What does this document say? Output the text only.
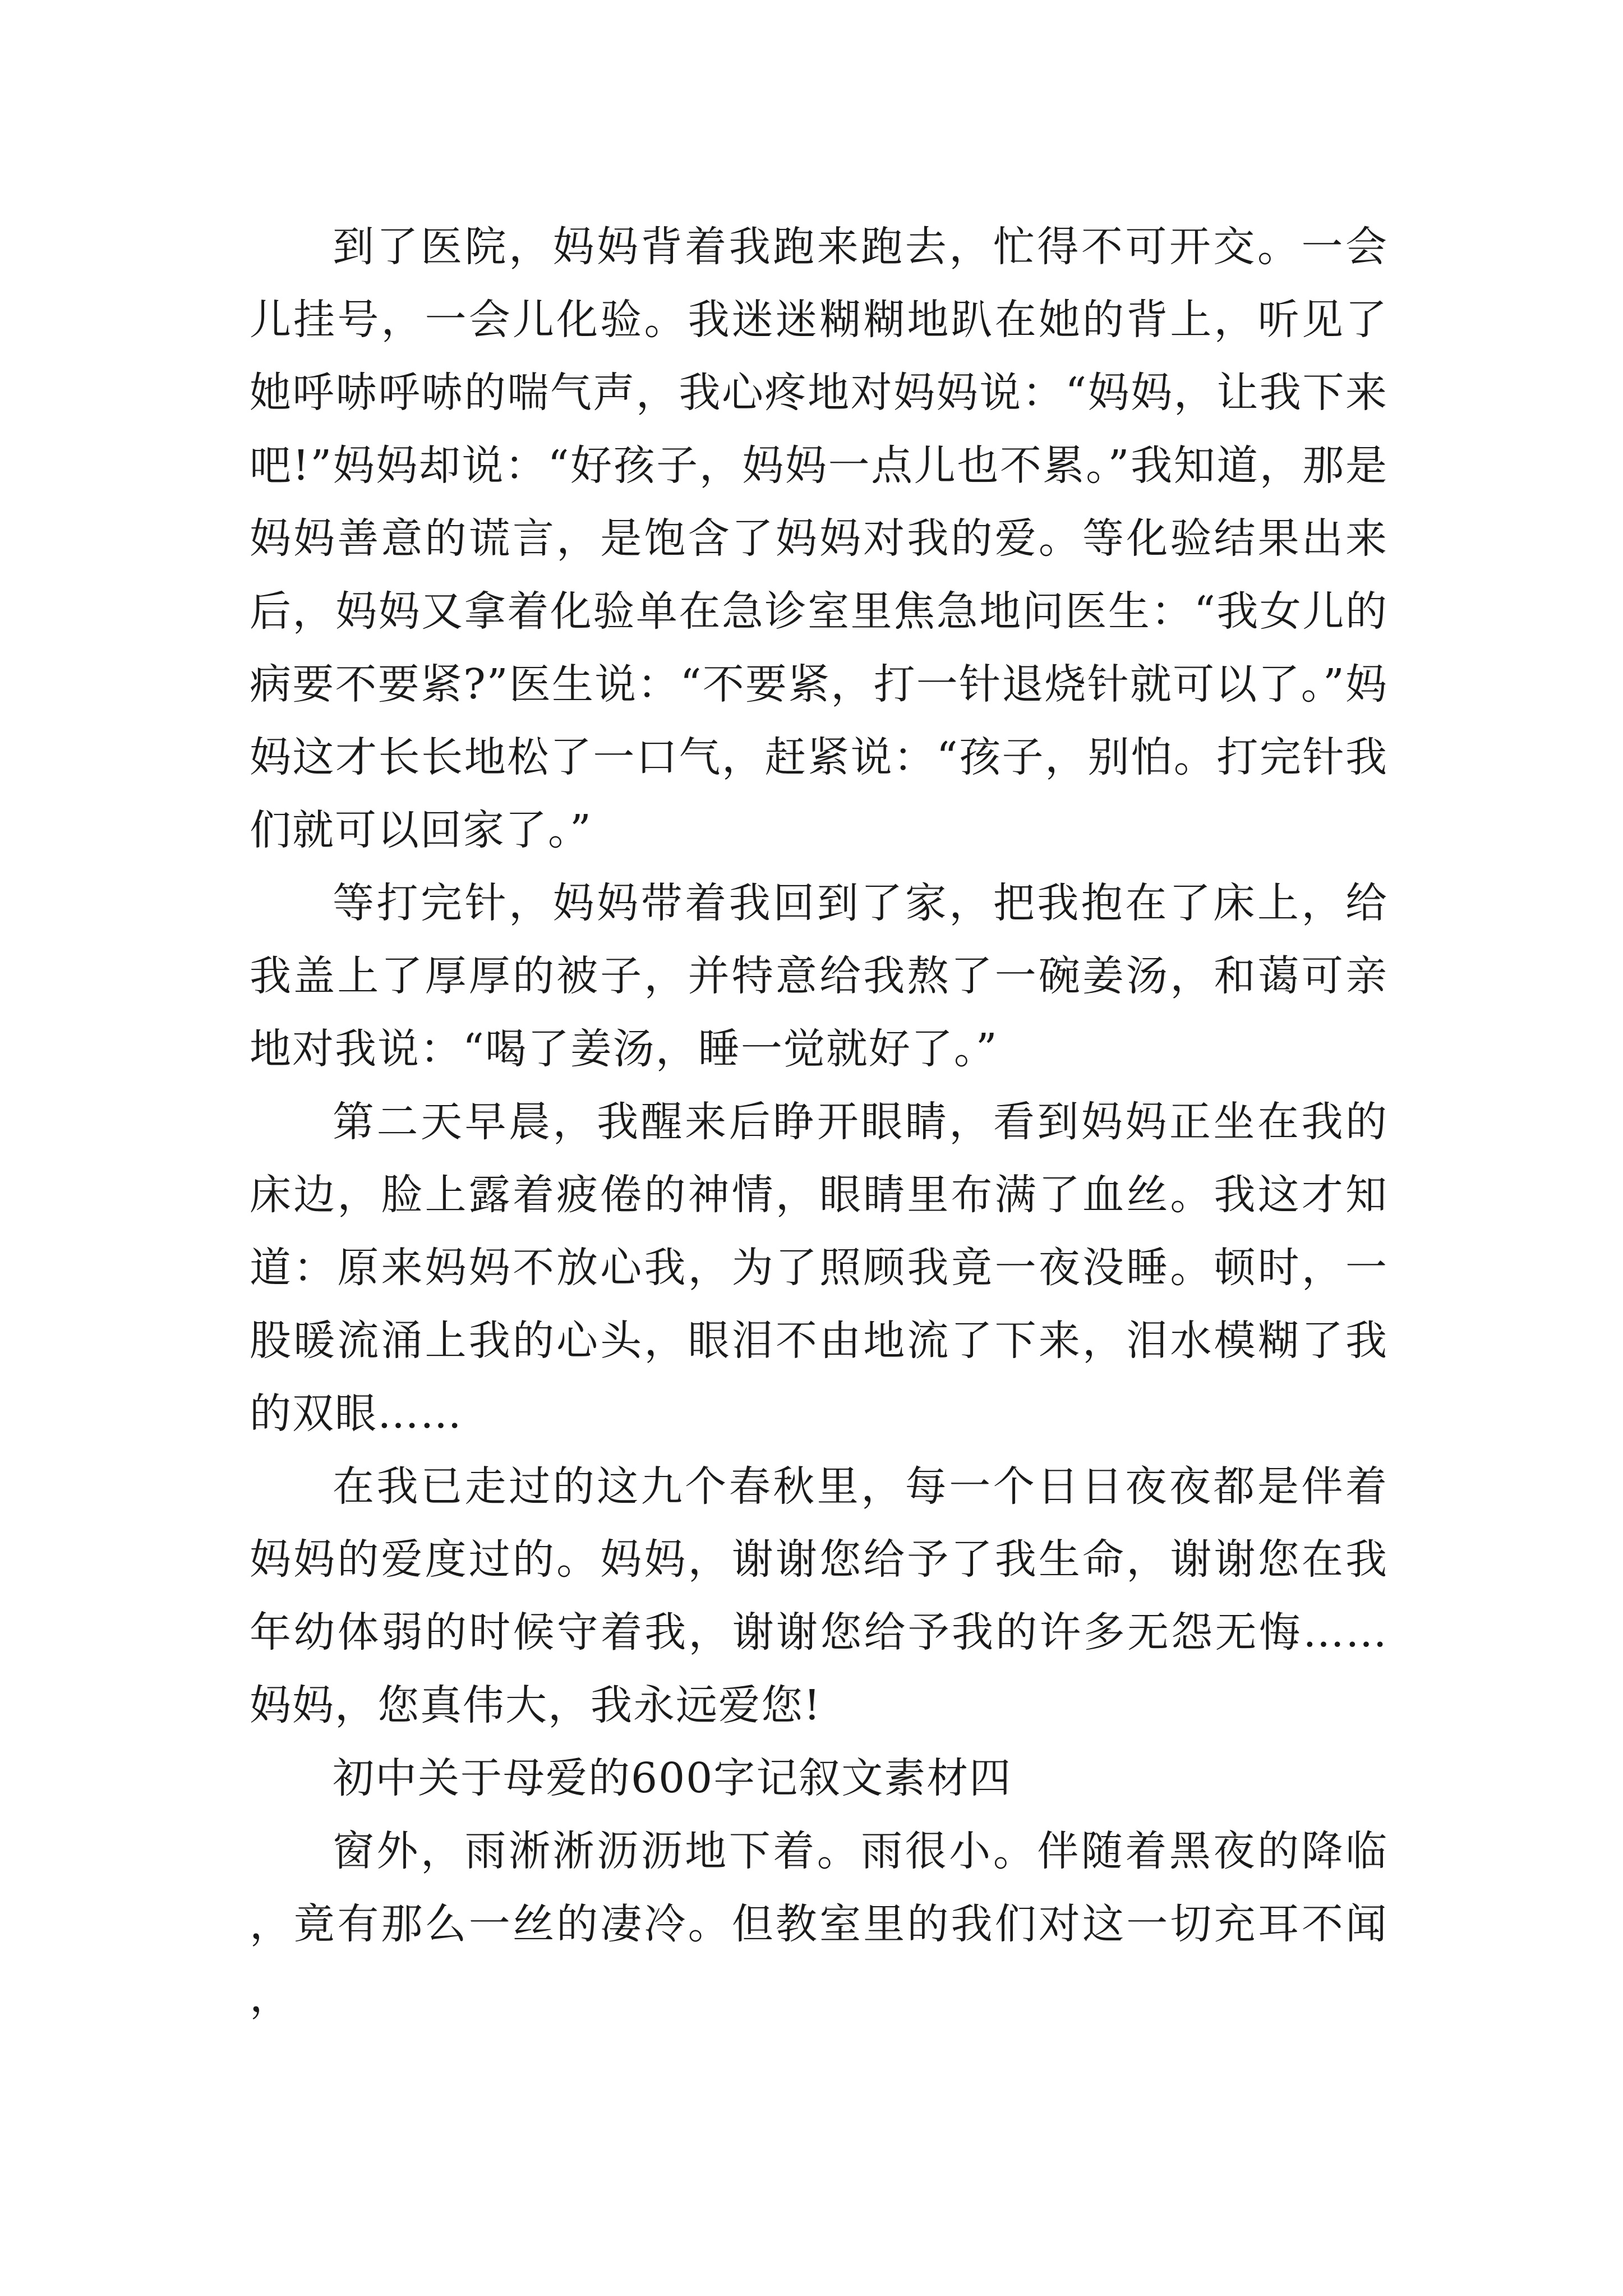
到了医院，妈妈背着我跑来跑去，忙得不可开交。一会儿挂号，一会儿化验。我迷迷糊糊地趴在她的背上，听见了她呼哧呼哧的喘气声，我心疼地对妈妈说：“妈妈，让我下来吧!”妈妈却说：“好孩子，妈妈一点儿也不累。”我知道，那是妈妈善意的谎言，是饱含了妈妈对我的爱。等化验结果出来后，妈妈又拿着化验单在急诊室里焦急地问医生：“我女儿的病要不要紧?”医生说：“不要紧，打一针退烧针就可以了。”妈妈这才长长地松了一口气，赶紧说：“孩子，别怕。打完针我们就可以回家了。”

等打完针，妈妈带着我回到了家，把我抱在了床上，给我盖上了厚厚的被子，并特意给我熬了一碗姜汤，和蔼可亲地对我说：“喝了姜汤，睡一觉就好了。”

第二天早晨，我醒来后睁开眼睛，看到妈妈正坐在我的床边，脸上露着疲倦的神情，眼睛里布满了血丝。我这才知道：原来妈妈不放心我，为了照顾我竟一夜没睡。顿时，一股暖流涌上我的心头，眼泪不由地流了下来，泪水模糊了我的双眼……

在我已走过的这九个春秋里，每一个日日夜夜都是伴着妈妈的爱度过的。妈妈，谢谢您给予了我生命，谢谢您在我年幼体弱的时候守着我，谢谢您给予我的许多无怨无悔……妈妈，您真伟大，我永远爱您!

初中关于母爱的600字记叙文素材四

窗外，雨淅淅沥沥地下着。雨很小。伴随着黑夜的降临，竟有那么一丝的凄冷。但教室里的我们对这一切充耳不闻，
